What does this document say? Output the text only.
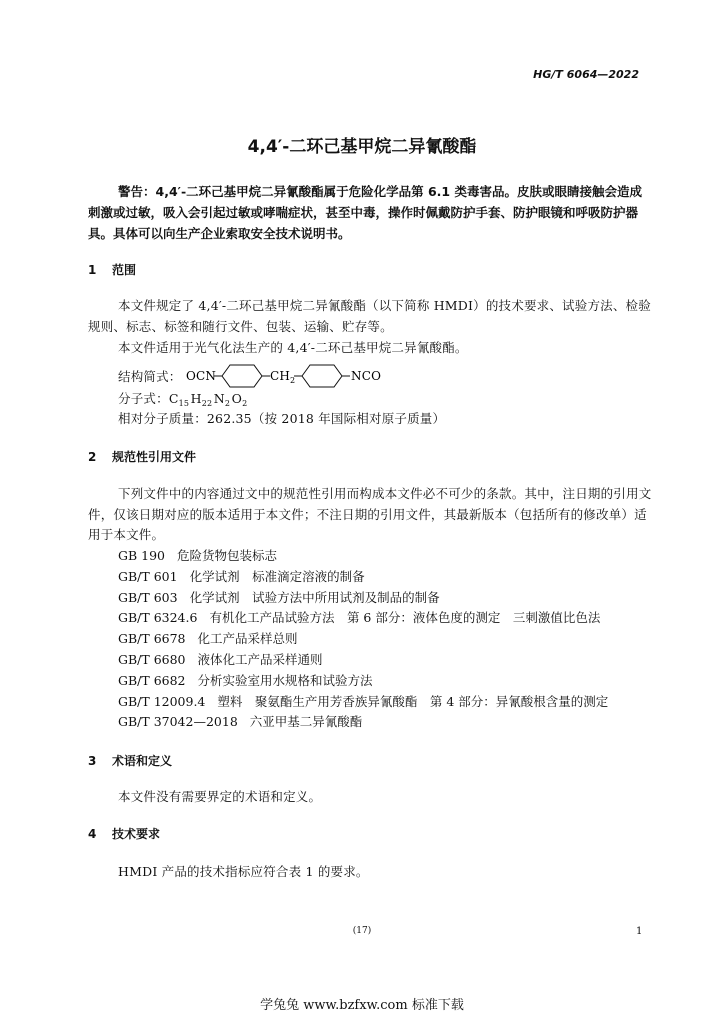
HG/T 6064—2022
4,4′-二环己基甲烷二异氰酸酯
警告：4,4′-二环己基甲烷二异氰酸酯属于危险化学品第 6.1 类毒害品。皮肤或眼睛接触会造成
刺激或过敏，吸入会引起过敏或哮喘症状，甚至中毒，操作时佩戴防护手套、防护眼镜和呼吸防护器
具。具体可以向生产企业索取安全技术说明书。
1 范围
本文件规定了 4,4′-二环己基甲烷二异氰酸酯（以下简称 HMDI）的技术要求、试验方法、检验
规则、标志、标签和随行文件、包装、运输、贮存等。
本文件适用于光气化法生产的 4,4′-二环己基甲烷二异氰酸酯。
结构简式： OCN	$CH_2$	NCO
分子式：$C_{15}$ $H_{22}$ $N_2$ $O_2$
相对分子质量：262.35（按 2018 年国际相对原子质量）
2 规范性引用文件
下列文件中的内容通过文中的规范性引用而构成本文件必不可少的条款。其中，注日期的引用文
件，仅该日期对应的版本适用于本文件；不注日期的引用文件，其最新版本（包括所有的修改单）适
用于本文件。
GB 190 危险货物包装标志
GB/T 601 化学试剂　标准滴定溶液的制备
GB/T 603 化学试剂　试验方法中所用试剂及制品的制备
GB/T 6324.6 有机化工产品试验方法　第 6 部分：液体色度的测定　三刺激值比色法
GB/T 6678 化工产品采样总则
GB/T 6680 液体化工产品采样通则
GB/T 6682 分析实验室用水规格和试验方法
GB/T 12009.4 塑料　聚氨酯生产用芳香族异氰酸酯　第 4 部分：异氰酸根含量的测定
GB/T 37042—2018 六亚甲基二异氰酸酯
3 术语和定义
本文件没有需要界定的术语和定义。
4 技术要求
HMDI 产品的技术指标应符合表 1 的要求。
(17)	1
学兔兔 www.bzfxw.com 标准下载
